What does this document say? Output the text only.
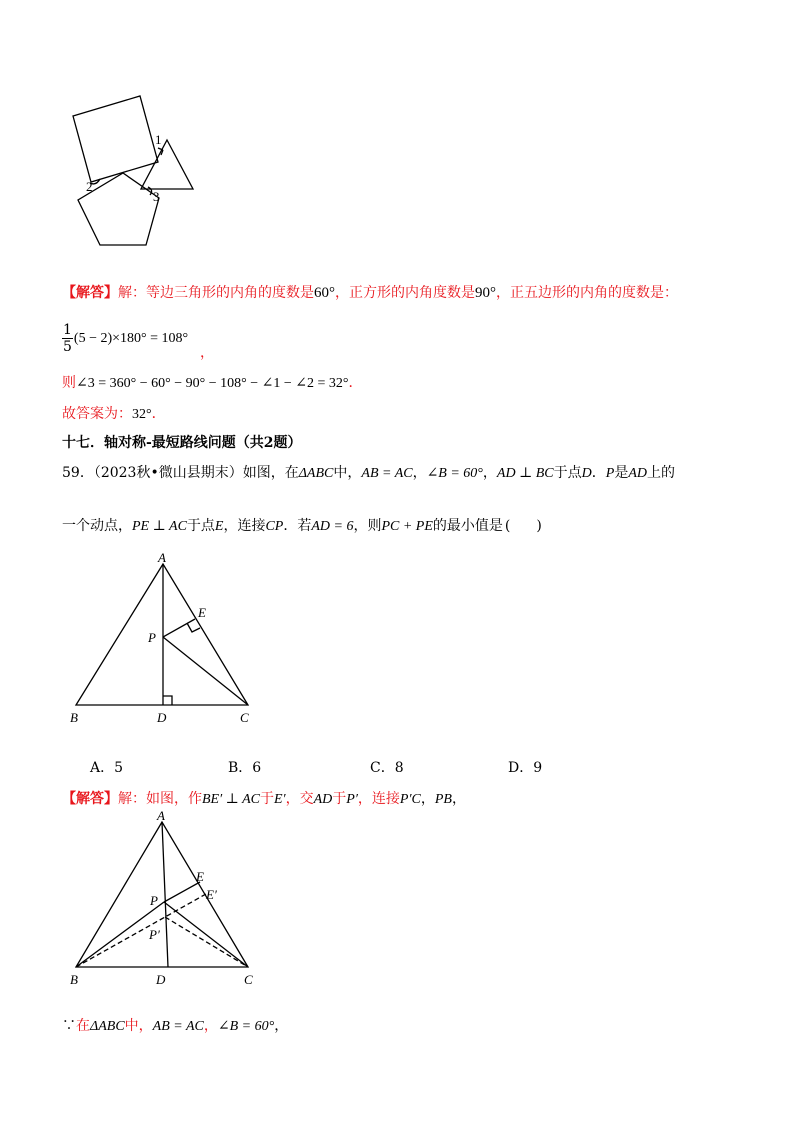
1
2
3
【解答】解：等边三角形的内角的度数是60°，正方形的内角度数是90°，正五边形的内角的度数是：
$\frac{1}{5} (5 - 2)\times 180^\circ = 108^\circ$
，
则∠3 = 360° − 60° − 90° − 108° − ∠1 − ∠2 = 32°．
故答案为：32°．
十七．轴对称-最短路线问题（共2题）
59．（2023秋•微山县期末）如图，在ΔABC中，AB = AC，∠B = 60°，AD ⊥ BC于点D．P是AD上的
一个动点，PE ⊥ AC于点E，连接CP．若AD = 6，则PC + PE的最小值是 ( )
A
E
P
B	D	C
A．5	B．6	C．8	D．9
【解答】解：如图，作BE′ ⊥ AC于E′，交AD于P′，连接P′C，PB，
A
E
P	E′
P′
B	D	C
∵在ΔABC中，AB = AC，∠B = 60°，
